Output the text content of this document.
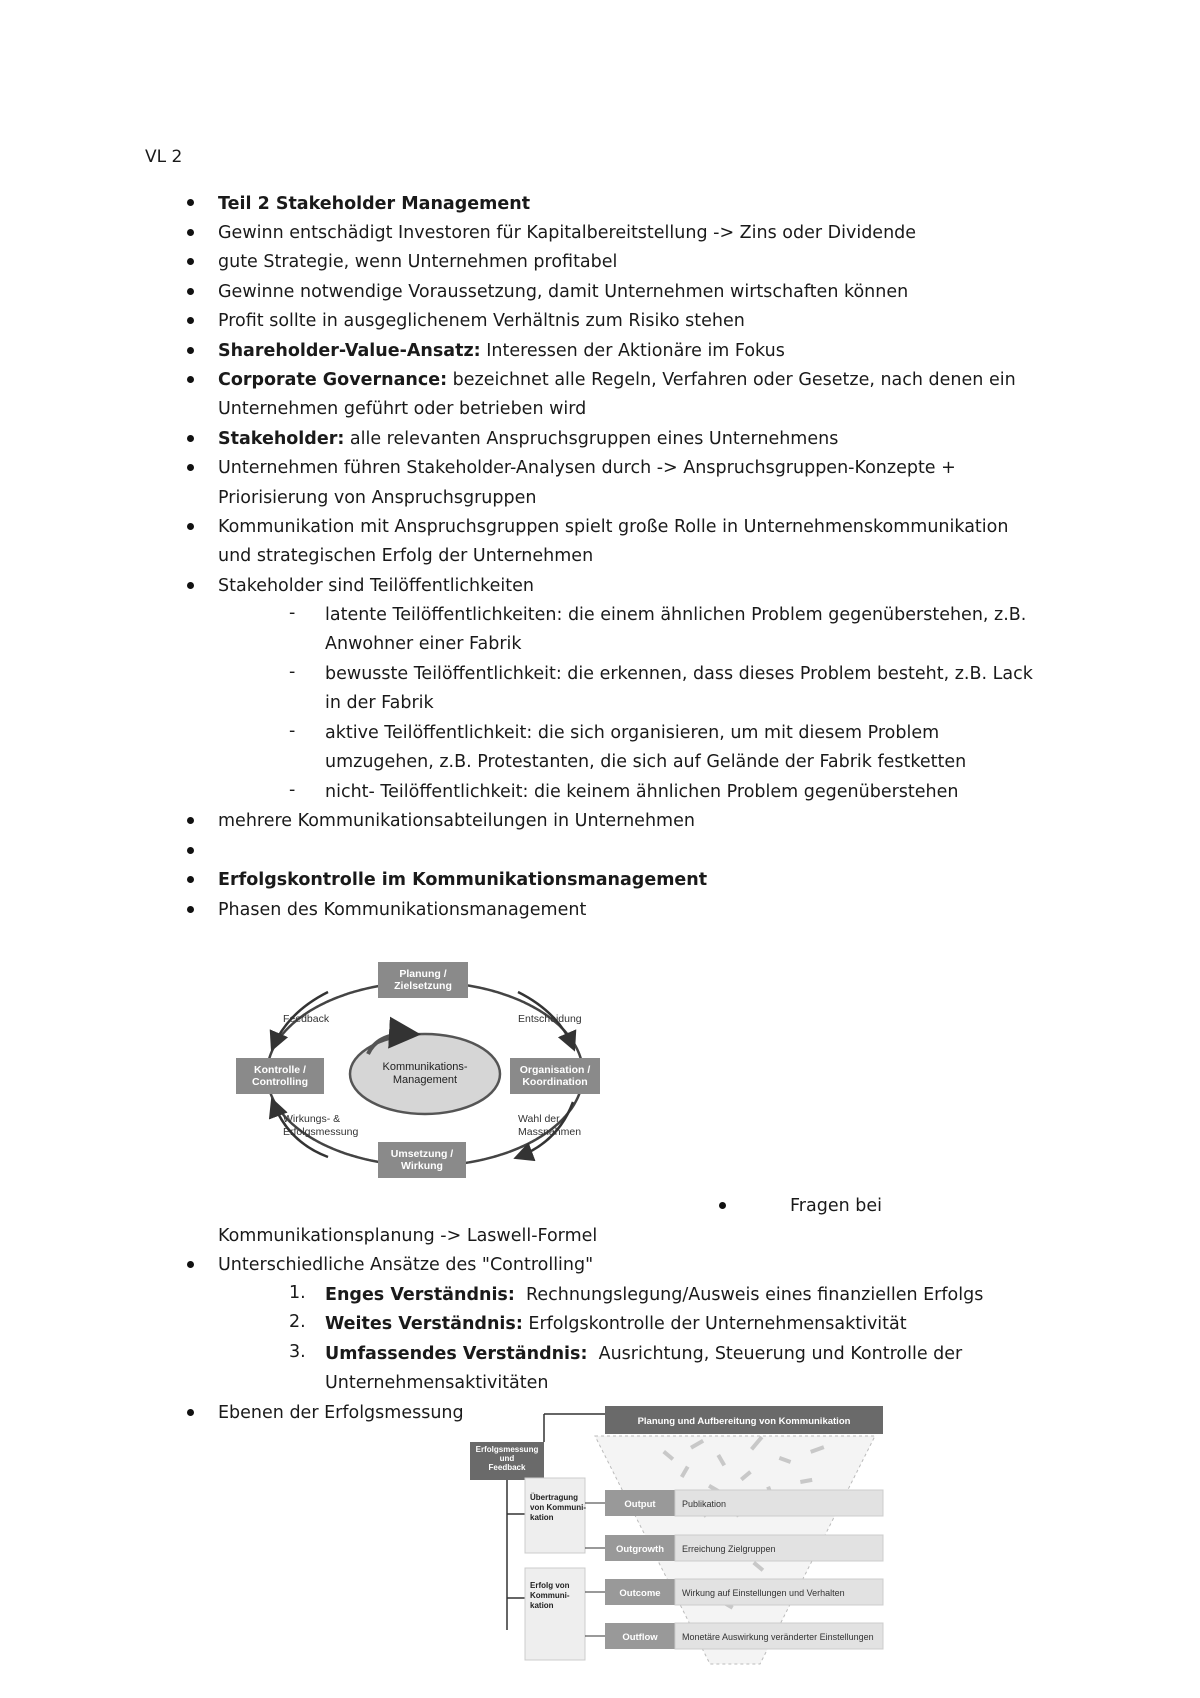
VL 2
Teil 2 Stakeholder Management
Gewinn entschädigt Investoren für Kapitalbereitstellung -> Zins oder Dividende
gute Strategie, wenn Unternehmen profitabel
Gewinne notwendige Voraussetzung, damit Unternehmen wirtschaften können
Profit sollte in ausgeglichenem Verhältnis zum Risiko stehen
Shareholder-Value-Ansatz: Interessen der Aktionäre im Fokus
Corporate Governance: bezeichnet alle Regeln, Verfahren oder Gesetze, nach denen ein
Unternehmen geführt oder betrieben wird
Stakeholder: alle relevanten Anspruchsgruppen eines Unternehmens
Unternehmen führen Stakeholder-Analysen durch -> Anspruchsgruppen-Konzepte +
Priorisierung von Anspruchsgruppen
Kommunikation mit Anspruchsgruppen spielt große Rolle in Unternehmenskommunikation
und strategischen Erfolg der Unternehmen
Stakeholder sind Teilöffentlichkeiten
- latente Teilöffentlichkeiten: die einem ähnlichen Problem gegenüberstehen, z.B.
Anwohner einer Fabrik
- bewusste Teilöffentlichkeit: die erkennen, dass dieses Problem besteht, z.B. Lack
in der Fabrik
- aktive Teilöffentlichkeit: die sich organisieren, um mit diesem Problem
umzugehen, z.B. Protestanten, die sich auf Gelände der Fabrik festketten
- nicht- Teilöffentlichkeit: die keinem ähnlichen Problem gegenüberstehen
mehrere Kommunikationsabteilungen in Unternehmen
Erfolgskontrolle im Kommunikationsmanagement
Phasen des Kommunikationsmanagement
Kommunikations-Management
Planung / Zielsetzung
Organisation / Koordination
Umsetzung / Wirkung
Kontrolle / Controlling
Entscheidung
Feedback
Wahl der Massnahmen
Wirkungs- & Erfolgsmessung
Fragen bei
Kommunikationsplanung -> Laswell-Formel
Unterschiedliche Ansätze des "Controlling"
1. Enges Verständnis:  Rechnungslegung/Ausweis eines finanziellen Erfolgs
2. Weites Verständnis: Erfolgskontrolle der Unternehmensaktivität
3. Umfassendes Verständnis:  Ausrichtung, Steuerung und Kontrolle der
Unternehmensaktivitäten
Ebenen der Erfolgsmessung	Planung und Aufbereitung von Kommunikation
Erfolgsmessung und Feedback
Übertragung von Kommuni-kation
Erfolg von Kommuni-kation
Output	Publikation
Outgrowth Erreichung Zielgruppen
Outcome Wirkung auf Einstellungen und Verhalten
Outflow	Monetäre Auswirkung veränderter Einstellungen
